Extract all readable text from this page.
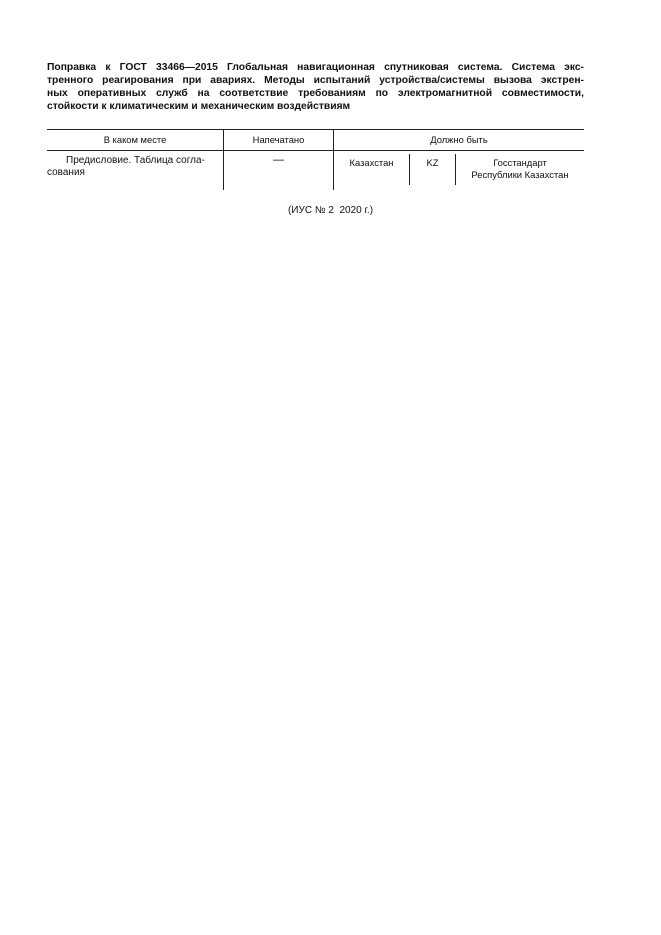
Поправка к ГОСТ 33466—2015 Глобальная навигационная спутниковая система. Система экс-
тренного реагирования при авариях. Методы испытаний устройства/системы вызова экстрен-
ных оперативных служб на соответствие требованиям по электромагнитной совместимости,
стойкости к климатическим и механическим воздействиям
В каком месте	Напечатано	Должно быть
Предисловие. Таблица согла-
сования
—	Казахстан	KZ	Госстандарт
Республики Казахстан
(ИУС № 2  2020 г.)
